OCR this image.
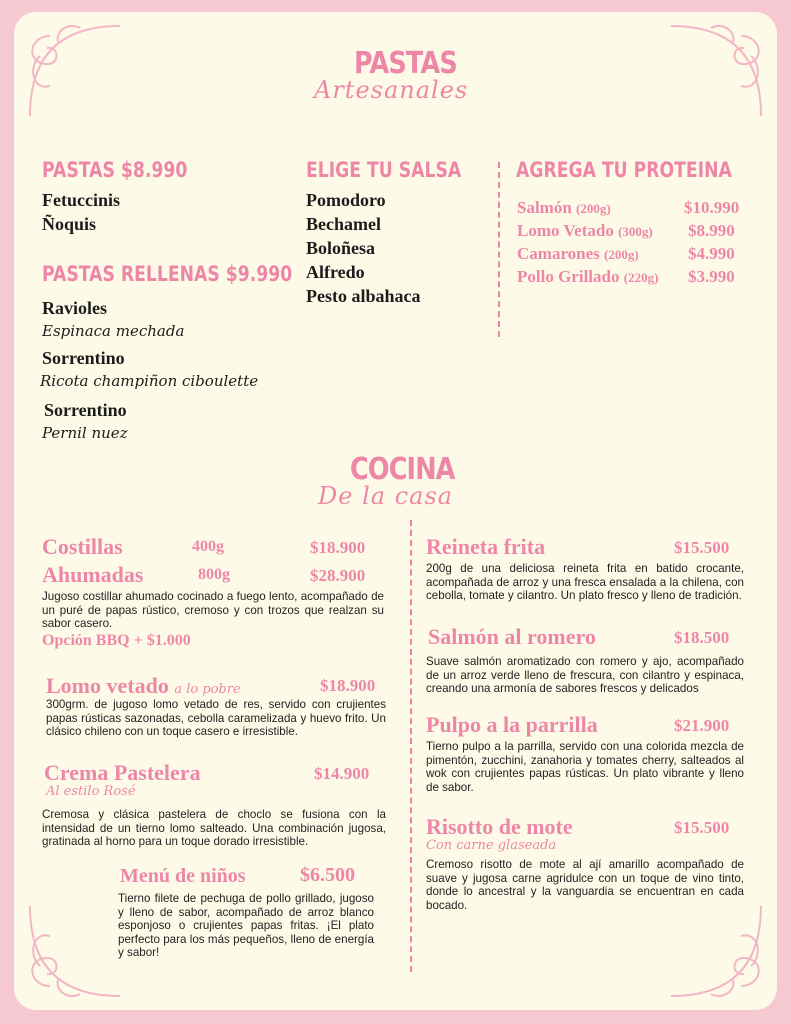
PASTAS
Artesanales
PASTAS $8.990
Fetuccinis
Ñoquis
PASTAS RELLENAS $9.990
Ravioles
Espinaca mechada
Sorrentino
Ricota champiñon ciboulette
Sorrentino
Pernil nuez
ELIGE TU SALSA
Pomodoro
Bechamel
Boloñesa
Alfredo
Pesto albahaca
AGREGA TU PROTEINA
Salmón (200g)	$10.990
Lomo Vetado (300g) $8.990
Camarones (200g)	$4.990
Pollo Grillado (220g) $3.990
COCINA
De la casa
Costillas	400g	$18.900
Ahumadas	800g	$28.900
Jugoso costillar ahumado cocinado a fuego lento, acompañado de un puré de papas rústico, cremoso y con trozos que realzan su sabor casero.
Opción BBQ + $1.000
Lomo vetado a lo pobre	$18.900
300grm. de jugoso lomo vetado de res, servido con crujientes papas rústicas sazonadas, cebolla caramelizada y huevo frito. Un clásico chileno con un toque casero e irresistible.
Crema Pastelera	$14.900
Al estilo Rosé
Cremosa y clásica pastelera de choclo se fusiona con la intensidad de un tierno lomo salteado. Una combinación jugosa, gratinada al horno para un toque dorado irresistible.
Menú de niños	$6.500
Tierno filete de pechuga de pollo grillado, jugoso y lleno de sabor, acompañado de arroz blanco esponjoso o crujientes papas fritas. ¡El plato perfecto para los más pequeños, lleno de energía y sabor!
Reineta frita	$15.500
200g de una deliciosa reineta frita en batido crocante, acompañada de arroz y una fresca ensalada a la chilena, con cebolla, tomate y cilantro. Un plato fresco y lleno de tradición.
Salmón al romero	$18.500
Suave salmón aromatizado con romero y ajo, acompañado de un arroz verde lleno de frescura, con cilantro y espinaca, creando una armonía de sabores frescos y delicados
Pulpo a la parrilla	$21.900
Tierno pulpo a la parrilla, servido con una colorida mezcla de pimentón, zucchini, zanahoria y tomates cherry, salteados al wok con crujientes papas rústicas. Un plato vibrante y lleno de sabor.
Risotto de mote	$15.500
Con carne glaseada
Cremoso risotto de mote al ají amarillo acompañado de suave y jugosa carne agridulce con un toque de vino tinto, donde lo ancestral y la vanguardia se encuentran en cada bocado.
